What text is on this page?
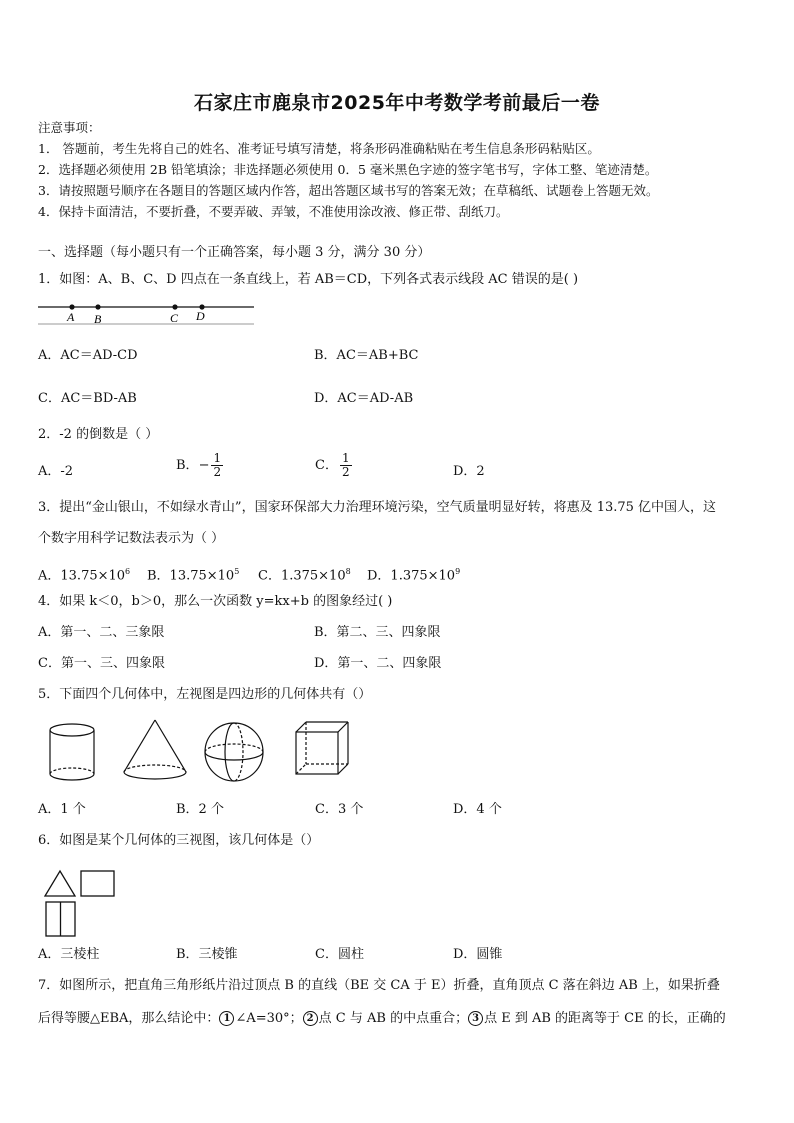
石家庄市鹿泉市2025年中考数学考前最后一卷
注意事项：
1． 答题前，考生先将自己的姓名、准考证号填写清楚，将条形码准确粘贴在考生信息条形码粘贴区。
2．选择题必须使用 2B 铅笔填涂；非选择题必须使用 0．5 毫米黑色字迹的签字笔书写，字体工整、笔迹清楚。
3．请按照题号顺序在各题目的答题区域内作答，超出答题区域书写的答案无效；在草稿纸、试题卷上答题无效。
4．保持卡面清洁，不要折叠，不要弄破、弄皱，不准使用涂改液、修正带、刮纸刀。
一、选择题（每小题只有一个正确答案，每小题 3 分，满分 30 分）
1．如图：A、B、C、D 四点在一条直线上，若 AB＝CD，下列各式表示线段 AC 错误的是( )
A B	C D
A．AC＝AD-CD	B．AC＝AB+BC
C．AC＝BD-AB	D．AC＝AD-AB
2．-2 的倒数是（ ）
A．-2	B．− $\frac{1}{2}$	C． $\frac{1}{2}$	D．2
3．提出“金山银山，不如绿水青山”，国家环保部大力治理环境污染，空气质量明显好转，将惠及 13.75 亿中国人，这
个数字用科学记数法表示为（ ）
A．$13.75\times 10^6$ B．$13.75\times 10^5$ C．$1.375\times 10^8$ D．$1.375\times 10^9$
4．如果 k＜0，b＞0，那么一次函数 y=kx+b 的图象经过( )
A．第一、二、三象限	B．第二、三、四象限
C．第一、三、四象限	D．第一、二、四象限
5．下面四个几何体中，左视图是四边形的几何体共有（）
A．1 个	B．2 个	C．3 个	D．4 个
6．如图是某个几何体的三视图，该几何体是（）
A．三棱柱	B．三棱锥	C．圆柱	D．圆锥
7．如图所示，把直角三角形纸片沿过顶点 B 的直线（BE 交 CA 于 E）折叠，直角顶点 C 落在斜边 AB 上，如果折叠
后得等腰△EBA，那么结论中： 1 ∠A=30°； 2 点 C 与 AB 的中点重合； 3 点 E 到 AB 的距离等于 CE 的长，正确的
